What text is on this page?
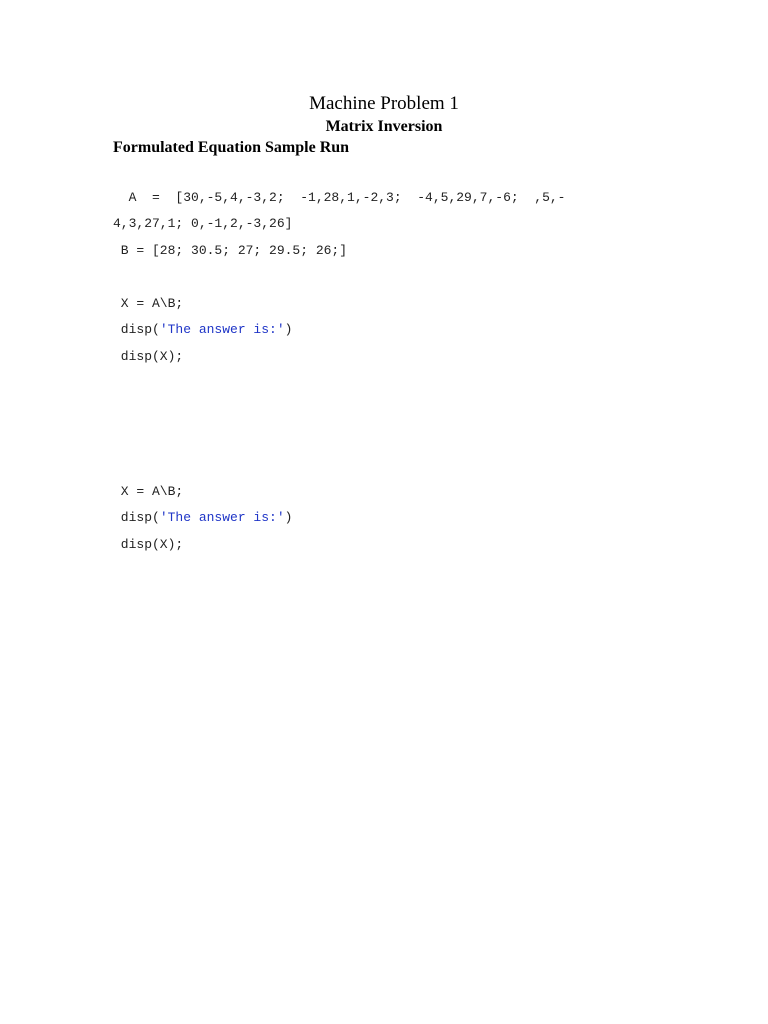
Machine Problem 1
Matrix Inversion
Formulated Equation Sample Run
A  =  [30,-5,4,-3,2;  -1,28,1,-2,3;  -4,5,29,7,-6;  ,5,-
4,3,27,1; 0,-1,2,-3,26]
B = [28; 30.5; 27; 29.5; 26;]
X = A\B;
disp('The answer is:')
disp(X);
X = A\B;
disp('The answer is:')
disp(X);
